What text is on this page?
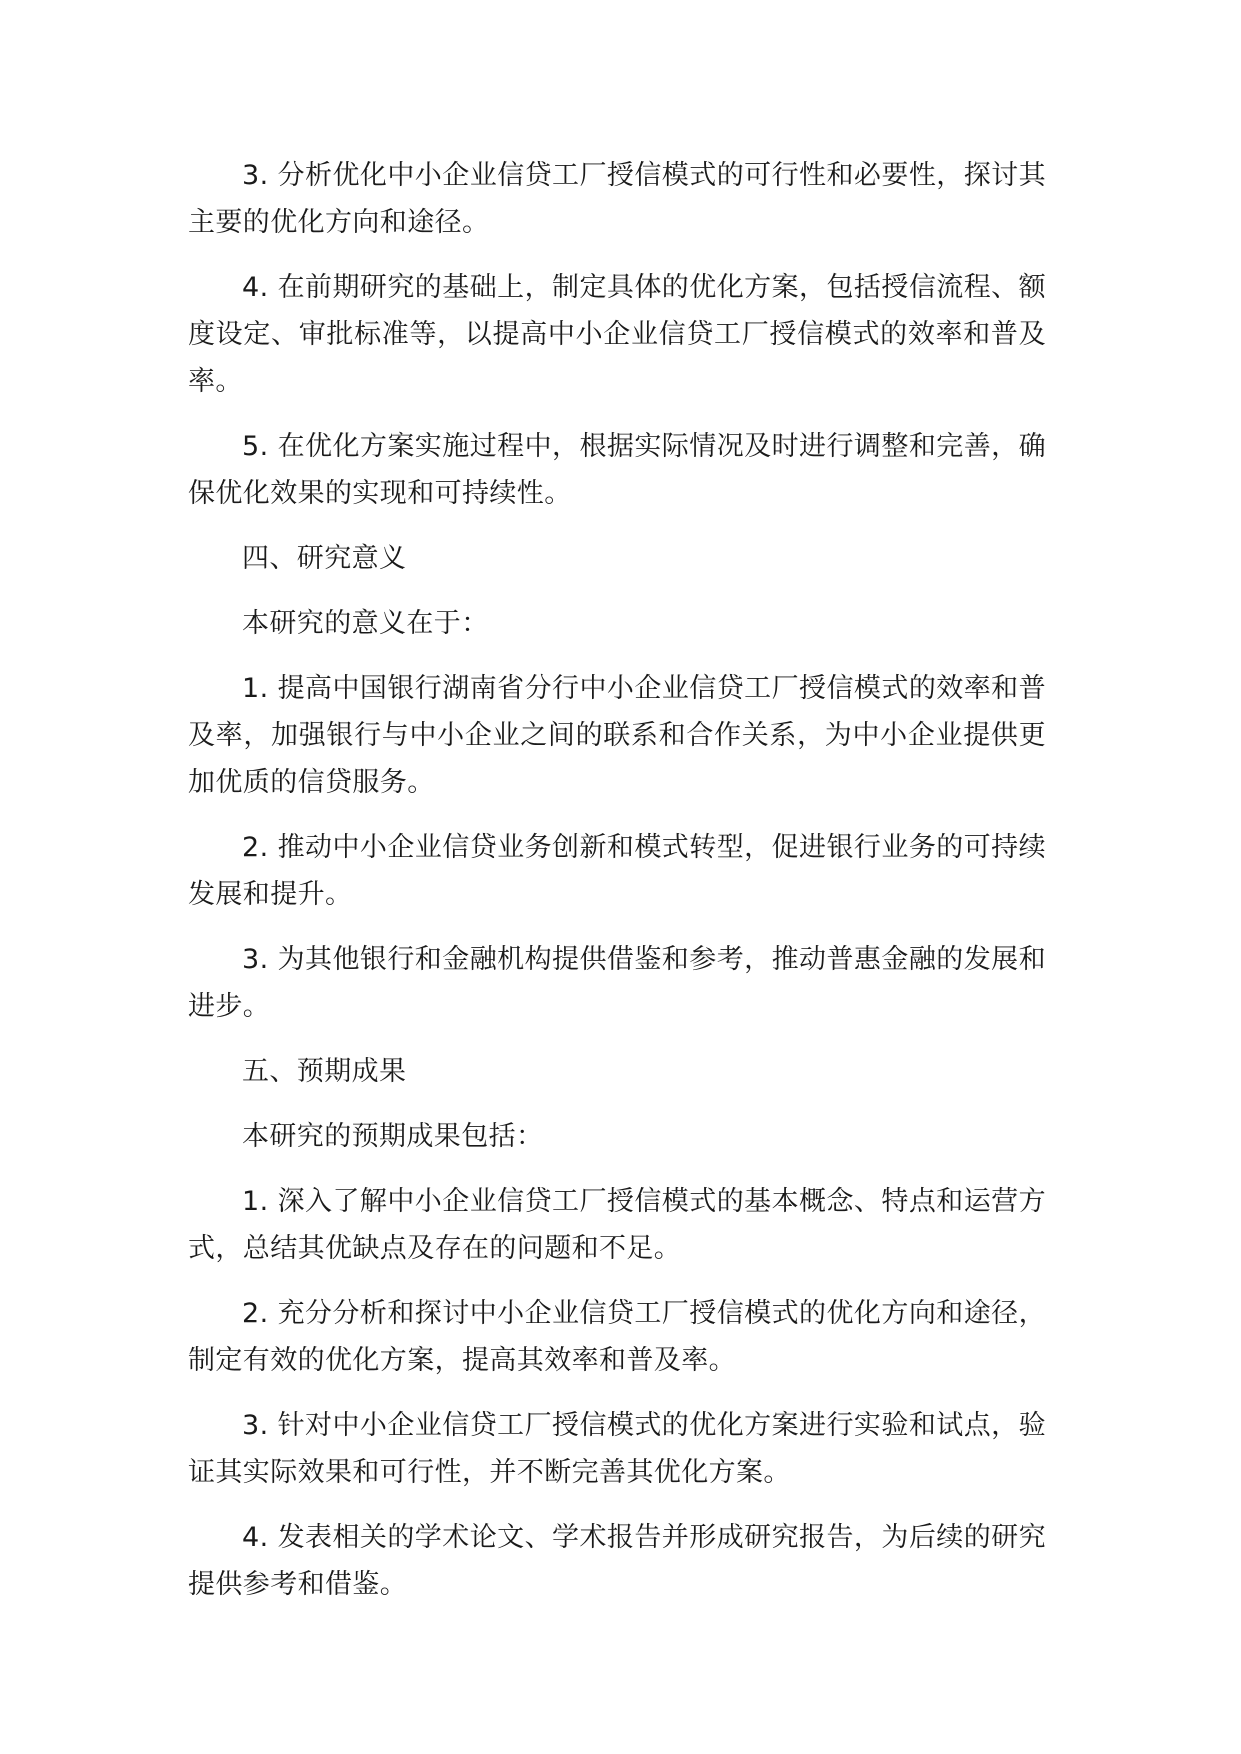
3. 分析优化中小企业信贷工厂授信模式的可行性和必要性，探讨其主要的优化方向和途径。

4. 在前期研究的基础上，制定具体的优化方案，包括授信流程、额度设定、审批标准等，以提高中小企业信贷工厂授信模式的效率和普及率。

5. 在优化方案实施过程中，根据实际情况及时进行调整和完善，确保优化效果的实现和可持续性。

四、研究意义

本研究的意义在于：

1. 提高中国银行湖南省分行中小企业信贷工厂授信模式的效率和普及率，加强银行与中小企业之间的联系和合作关系，为中小企业提供更加优质的信贷服务。

2. 推动中小企业信贷业务创新和模式转型，促进银行业务的可持续发展和提升。

3. 为其他银行和金融机构提供借鉴和参考，推动普惠金融的发展和进步。

五、预期成果

本研究的预期成果包括：

1. 深入了解中小企业信贷工厂授信模式的基本概念、特点和运营方式，总结其优缺点及存在的问题和不足。

2. 充分分析和探讨中小企业信贷工厂授信模式的优化方向和途径，制定有效的优化方案，提高其效率和普及率。

3. 针对中小企业信贷工厂授信模式的优化方案进行实验和试点，验证其实际效果和可行性，并不断完善其优化方案。

4. 发表相关的学术论文、学术报告并形成研究报告，为后续的研究提供参考和借鉴。
